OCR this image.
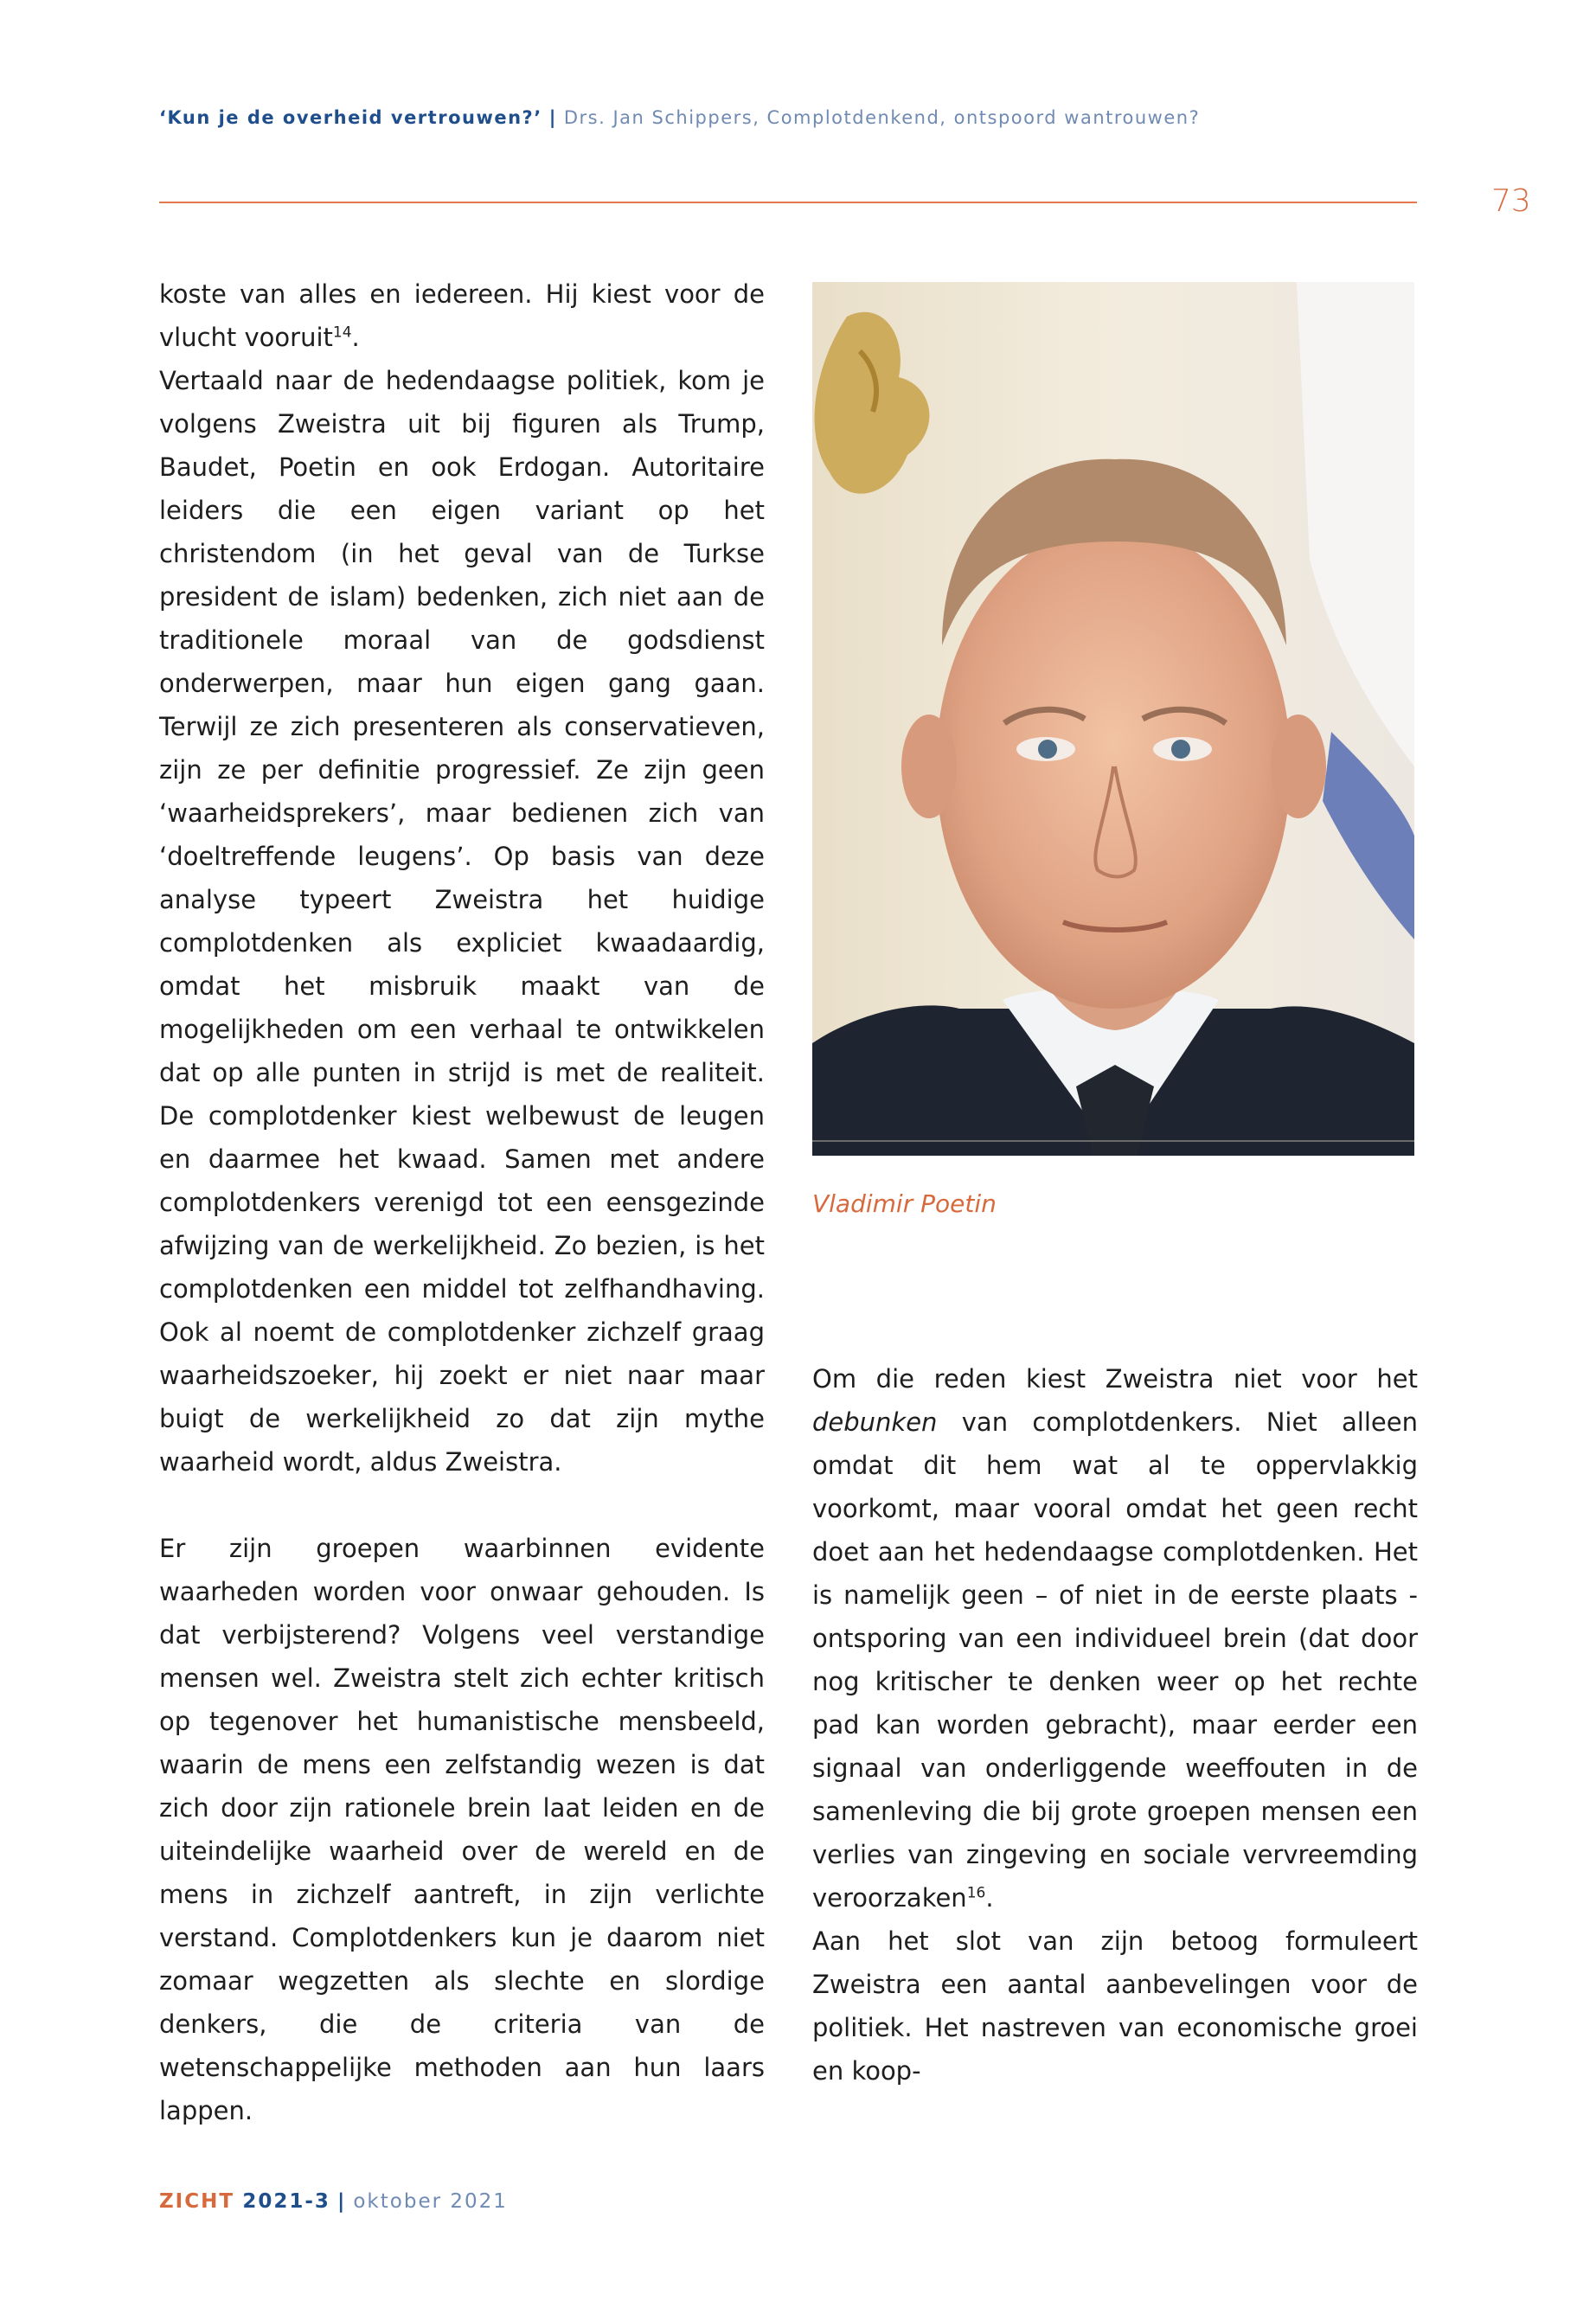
‘Kun je de overheid vertrouwen?’ | Drs. Jan Schippers, Complotdenkend, ontspoord wantrouwen?
73

koste van alles en iedereen. Hij kiest voor de vlucht vooruit$^{14}$.

Vertaald naar de hedendaagse politiek, kom je volgens Zweistra uit bij figuren als Trump, Baudet, Poetin en ook Erdogan. Autoritaire leiders die een eigen variant op het christendom (in het geval van de Turkse president de islam) bedenken, zich niet aan de traditionele moraal van de godsdienst onderwerpen, maar hun eigen gang gaan. Terwijl ze zich presenteren als conservatieven, zijn ze per definitie progressief. Ze zijn geen ‘waarheidsprekers’, maar bedienen zich van ‘doeltreffende leugens’. Op basis van deze analyse typeert Zweistra het huidige complotdenken als expliciet kwaadaardig, omdat het misbruik maakt van de mogelijkheden om een verhaal te ontwikkelen dat op alle punten in strijd is met de realiteit. De complotdenker kiest welbewust de leugen en daarmee het kwaad. Samen met andere complotdenkers verenigd tot een eensgezinde afwijzing van de werkelijkheid. Zo bezien, is het complotdenken een middel tot zelfhandhaving. Ook al noemt de complotdenker zichzelf graag waarheidszoeker, hij zoekt er niet naar maar buigt de werkelijkheid zo dat zijn mythe waarheid wordt, aldus Zweistra.

Er zijn groepen waarbinnen evidente waarheden worden voor onwaar gehouden. Is dat verbijsterend? Volgens veel verstandige mensen wel. Zweistra stelt zich echter kritisch op tegenover het humanistische mensbeeld, waarin de mens een zelfstandig wezen is dat zich door zijn rationele brein laat leiden en de uiteindelijke waarheid over de wereld en de mens in zichzelf aantreft, in zijn verlichte verstand. Complotdenkers kun je daarom niet zomaar wegzetten als slechte en slordige denkers, die de criteria van de wetenschappelijke methoden aan hun laars lappen.

Vladimir Poetin

Om die reden kiest Zweistra niet voor het debunken van complotdenkers. Niet alleen omdat dit hem wat al te oppervlakkig voorkomt, maar vooral omdat het geen recht doet aan het hedendaagse complotdenken. Het is namelijk geen – of niet in de eerste plaats - ontsporing van een individueel brein (dat door nog kritischer te denken weer op het rechte pad kan worden gebracht), maar eerder een signaal van onderliggende weeffouten in de samenleving die bij grote groepen mensen een verlies van zingeving en sociale vervreemding veroorzaken$^{16}$.

Aan het slot van zijn betoog formuleert Zweistra een aantal aanbevelingen voor de politiek. Het nastreven van economische groei en koop-

ZICHT 2021-3 | oktober 2021
